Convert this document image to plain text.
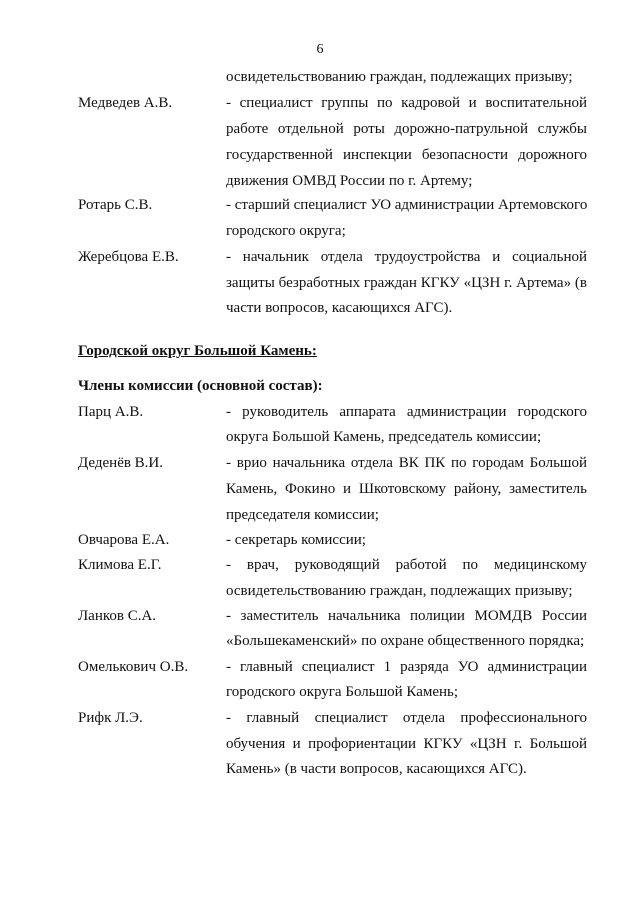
6
освидетельствованию граждан, подлежащих призыву;
Медведев А.В.	- специалист группы по кадровой и воспитательной
работе отдельной роты дорожно-патрульной службы
государственной инспекции безопасности дорожного
движения ОМВД России по г. Артему;
Ротарь С.В.	- старший специалист УО администрации Артемовского
городского округа;
Жеребцова Е.В.	- начальник отдела трудоустройства и социальной
защиты безработных граждан КГКУ «ЦЗН г. Артема» (в
части вопросов, касающихся АГС).
Городской округ Большой Камень:
Члены комиссии (основной состав):
Парц А.В.	- руководитель аппарата администрации городского
округа Большой Камень, председатель комиссии;
Деденёв В.И.	- врио начальника отдела ВК ПК по городам Большой
Камень, Фокино и Шкотовскому району, заместитель
председателя комиссии;
Овчарова Е.А.	- секретарь комиссии;
Климова Е.Г.	- врач, руководящий работой по медицинскому
освидетельствованию граждан, подлежащих призыву;
Ланков С.А.	- заместитель начальника полиции МОМДВ России
«Большекаменский» по охране общественного порядка;
Омелькович О.В.	- главный специалист 1 разряда УО администрации
городского округа Большой Камень;
Рифк Л.Э.	- главный специалист отдела профессионального
обучения и профориентации КГКУ «ЦЗН г. Большой
Камень» (в части вопросов, касающихся АГС).
